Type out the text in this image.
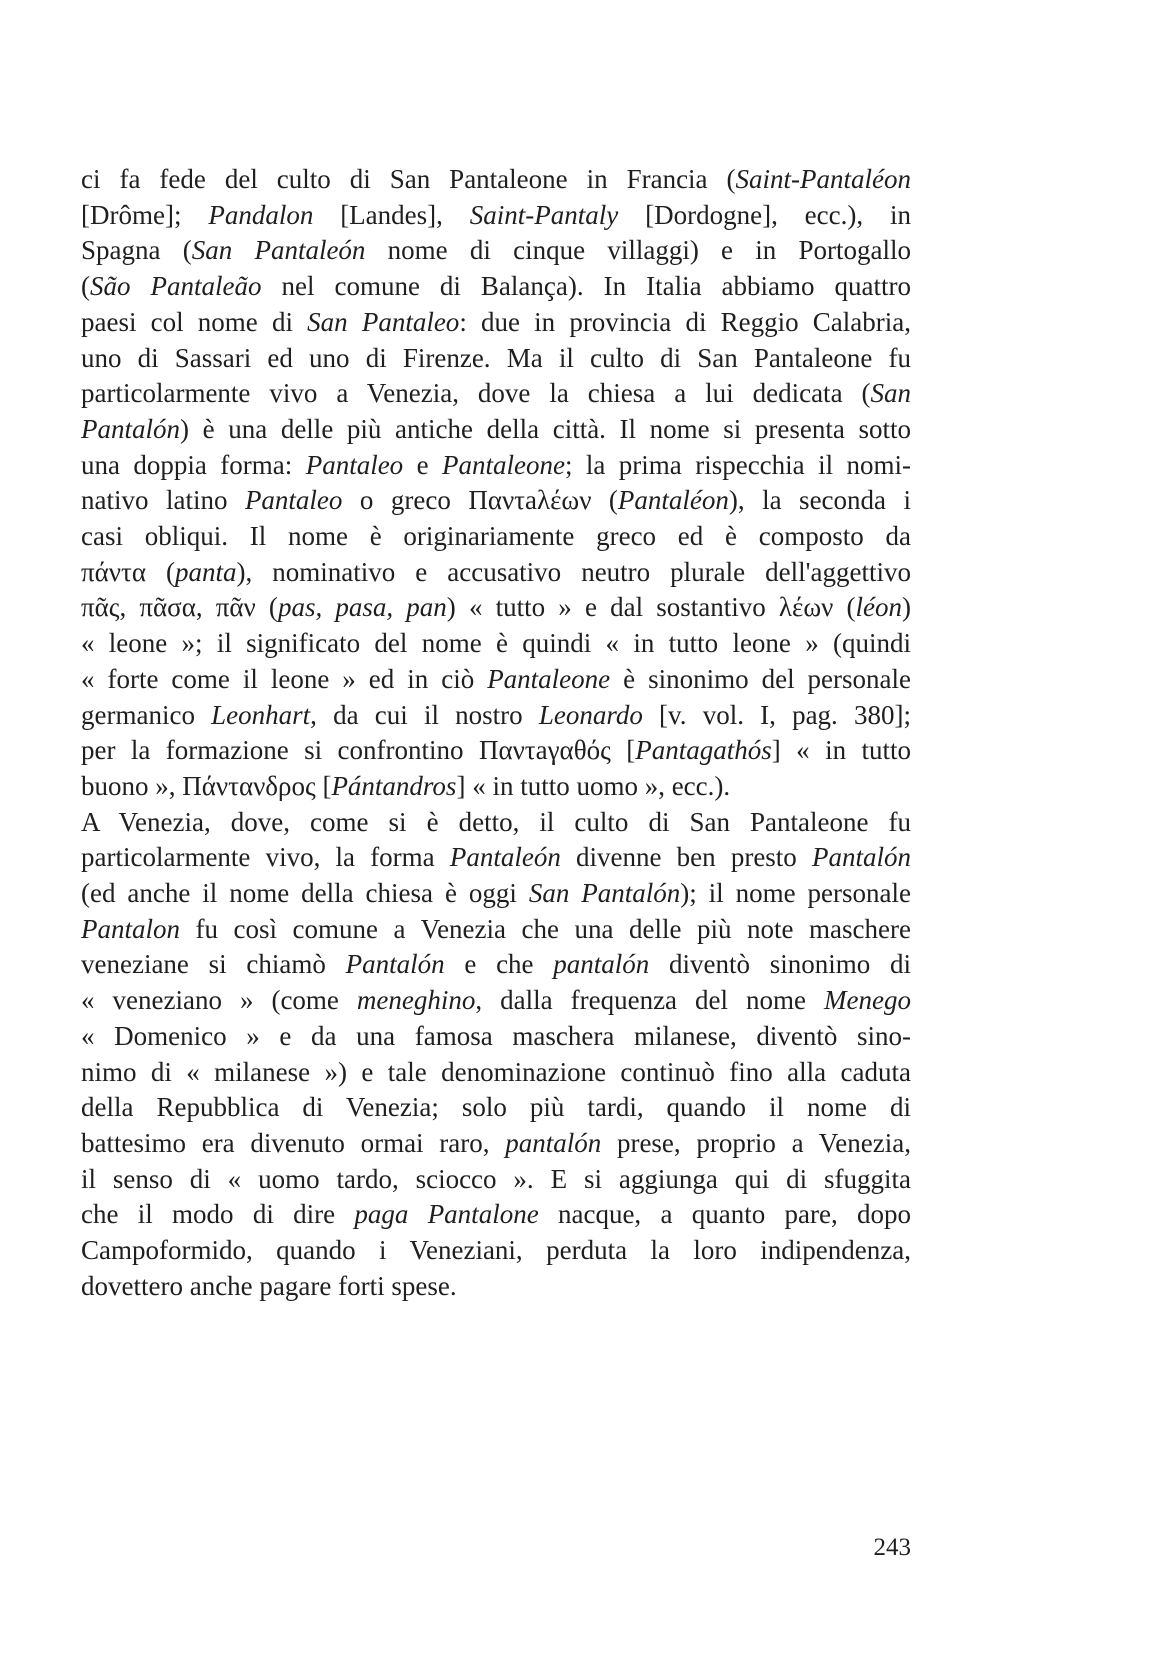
ci fa fede del culto di San Pantaleone in Francia (Saint-Pantaléon
[Drôme]; Pandalon [Landes], Saint-Pantaly [Dordogne], ecc.), in
Spagna (San Pantaleón nome di cinque villaggi) e in Portogallo
(São Pantaleão nel comune di Balança). In Italia abbiamo quattro
paesi col nome di San Pantaleo: due in provincia di Reggio Calabria,
uno di Sassari ed uno di Firenze. Ma il culto di San Pantaleone fu
particolarmente vivo a Venezia, dove la chiesa a lui dedicata (San
Pantalón) è una delle più antiche della città. Il nome si presenta sotto
una doppia forma: Pantaleo e Pantaleone; la prima rispecchia il nomi-
nativo latino Pantaleo o greco Παντaλέων (Pantaléon), la seconda i
casi obliqui. Il nome è originariamente greco ed è composto da
πάντα (panta), nominativo e accusativo neutro plurale dell'aggettivo
πᾶς, πᾶσα, πᾶν (pas, pasa, pan) « tutto » e dal sostantivo λέων (léon)
« leone »; il significato del nome è quindi « in tutto leone » (quindi
« forte come il leone » ed in ciò Pantaleone è sinonimo del personale
germanico Leonhart, da cui il nostro Leonardo [v. vol. I, pag. 380];
per la formazione si confrontino Παντaγαθός [Pantagathós] « in tutto
buono », Πάντανδρος [Pántandros] « in tutto uomo », ecc.).
A Venezia, dove, come si è detto, il culto di San Pantaleone fu
particolarmente vivo, la forma Pantaleón divenne ben presto Pantalón
(ed anche il nome della chiesa è oggi San Pantalón); il nome personale
Pantalon fu così comune a Venezia che una delle più note maschere
veneziane si chiamò Pantalón e che pantalón diventò sinonimo di
« veneziano » (come meneghino, dalla frequenza del nome Menego
« Domenico » e da una famosa maschera milanese, diventò sino-
nimo di « milanese ») e tale denominazione continuò fino alla caduta
della Repubblica di Venezia; solo più tardi, quando il nome di
battesimo era divenuto ormai raro, pantalón prese, proprio a Venezia,
il senso di « uomo tardo, sciocco ». E si aggiunga qui di sfuggita
che il modo di dire paga Pantalone nacque, a quanto pare, dopo
Campoformido, quando i Veneziani, perduta la loro indipendenza,
dovettero anche pagare forti spese.
243
